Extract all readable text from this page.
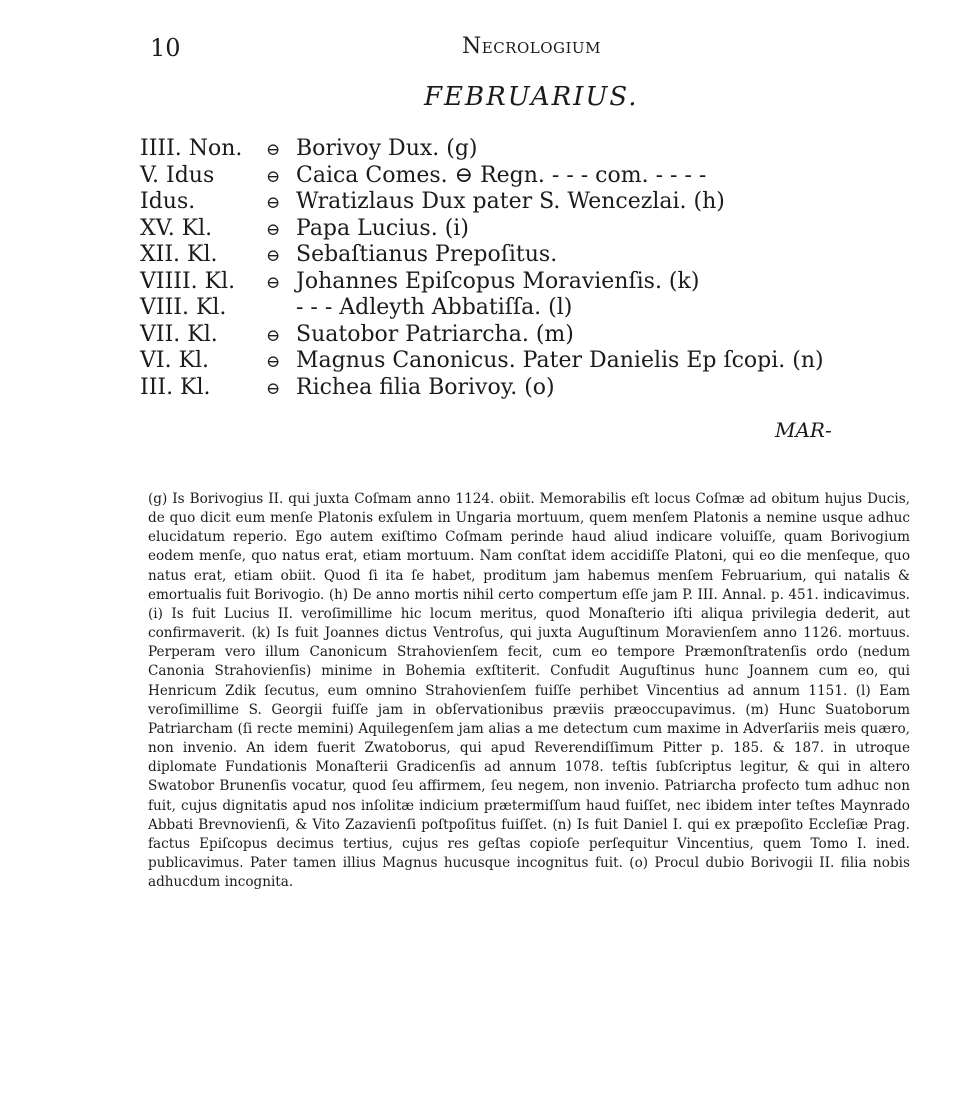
10	Necrologium
FEBRUARIUS.
IIII. Non.	⊖ Borivoy Dux. (g)
V. Idus	⊖ Caica Comes. ⊖ Regn. - - - com. - - - -
Idus.	⊖ Wratizlaus Dux pater S. Wencezlai. (h)
XV. Kl.	⊖ Papa Lucius. (i)
XII. Kl.	⊖ Sebaſtianus Prepoſitus.
VIIII. Kl.	⊖ Johannes Epiſcopus Moravienſis. (k)
VIII. Kl.	- - - Adleyth Abbatiſſa. (l)
VII. Kl.	⊖ Suatobor Patriarcha. (m)
VI. Kl.	⊖ Magnus Canonicus. Pater Danielis Ep ſcopi. (n)
III. Kl.	⊖ Richea filia Borivoy. (o)
MAR-

(g) Is Borivogius II. qui juxta Coſmam anno 1124. obiit. Memorabilis eſt locus Coſmæ ad obitum hujus Ducis, de quo dicit eum menſe Platonis exſulem in Ungaria mortuum, quem menſem Platonis a nemine usque adhuc elucidatum reperio. Ego autem exiſtimo Coſmam perinde haud aliud indicare voluiſſe, quam Borivogium eodem menſe, quo natus erat, etiam mortuum. Nam conſtat idem accidiſſe Platoni, qui eo die menſeque, quo natus erat, etiam obiit. Quod ſi ita ſe habet, proditum jam habemus menſem Februarium, qui natalis & emortualis fuit Borivogio. (h) De anno mortis nihil certo compertum eſſe jam P. III. Annal. p. 451. indicavimus. (i) Is fuit Lucius II. veroſimillime hic locum meritus, quod Monaſterio iſti aliqua privilegia dederit, aut confirmaverit. (k) Is fuit Joannes dictus Ventroſus, qui juxta Auguſtinum Moravienſem anno 1126. mortuus. Perperam vero illum Canonicum Strahovienſem fecit, cum eo tempore Præmonſtratenſis ordo (nedum Canonia Strahovienſis) minime in Bohemia exſtiterit. Confudit Auguſtinus hunc Joannem cum eo, qui Henricum Zdik ſecutus, eum omnino Strahovienſem fuiſſe perhibet Vincentius ad annum 1151. (l) Eam veroſimillime S. Georgii fuiſſe jam in obſervationibus præviis præoccupavimus. (m) Hunc Suatoborum Patriarcham (ſi recte memini) Aquilegenſem jam alias a me detectum cum maxime in Adverſariis meis quæro, non invenio. An idem fuerit Zwatoborus, qui apud Reverendiſſimum Pitter p. 185. & 187. in utroque diplomate Fundationis Monaſterii Gradicenſis ad annum 1078. teſtis ſubſcriptus legitur, & qui in altero Swatobor Brunenſis vocatur, quod ſeu affirmem, ſeu negem, non invenio. Patriarcha profecto tum adhuc non fuit, cujus dignitatis apud nos inſolitæ indicium prætermiſſum haud fuiſſet, nec ibidem inter teſtes Maynrado Abbati Brevnovienſi, & Vito Zazavienſi poſtpoſitus fuiſſet. (n) Is fuit Daniel I. qui ex præpoſito Eccleſiæ Prag. factus Epiſcopus decimus tertius, cujus res geſtas copioſe perſequitur Vincentius, quem Tomo I. ined. publicavimus. Pater tamen illius Magnus hucusque incognitus fuit. (o) Procul dubio Borivogii II. filia nobis adhucdum incognita.
